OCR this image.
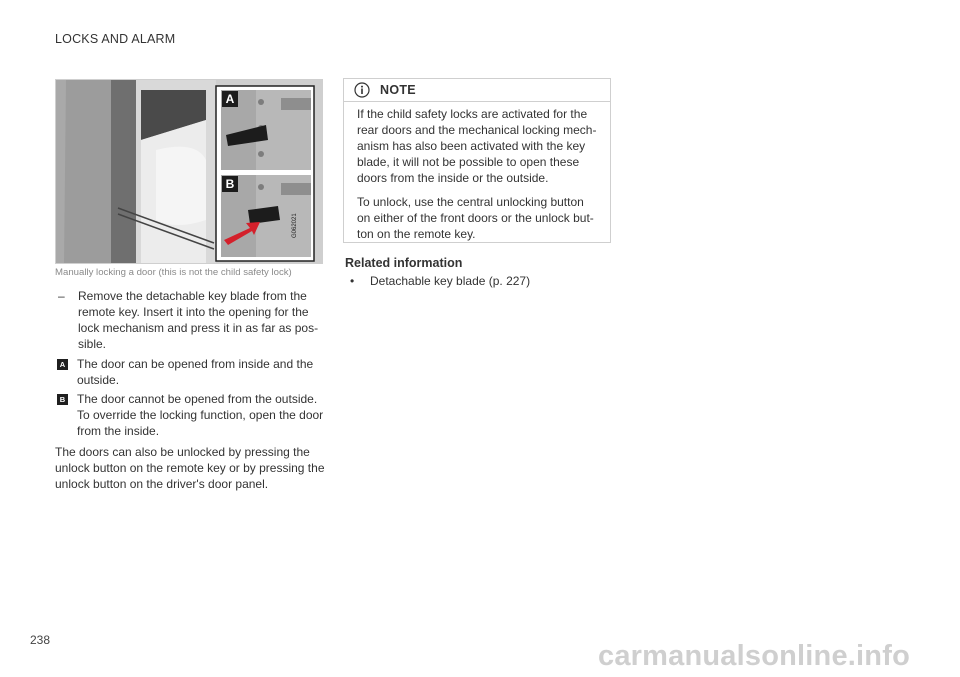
LOCKS AND ALARM
A
B
G062021
Manually locking a door (this is not the child safety lock)
– Remove the detachable key blade from the remote key. Insert it into the opening for the lock mechanism and press it in as far as pos-sible.
A The door can be opened from inside and the outside.
B The door cannot be opened from the outside. To override the locking function, open the door from the inside.
The doors can also be unlocked by pressing the unlock button on the remote key or by pressing the unlock button on the driver's door panel.
NOTE

If the child safety locks are activated for the rear doors and the mechanical locking mech-anism has also been activated with the key blade, it will not be possible to open these doors from the inside or the outside.

To unlock, use the central unlocking button on either of the front doors or the unlock but-ton on the remote key.

Related information
• Detachable key blade (p. 227)
238	carmanualsonline.info
